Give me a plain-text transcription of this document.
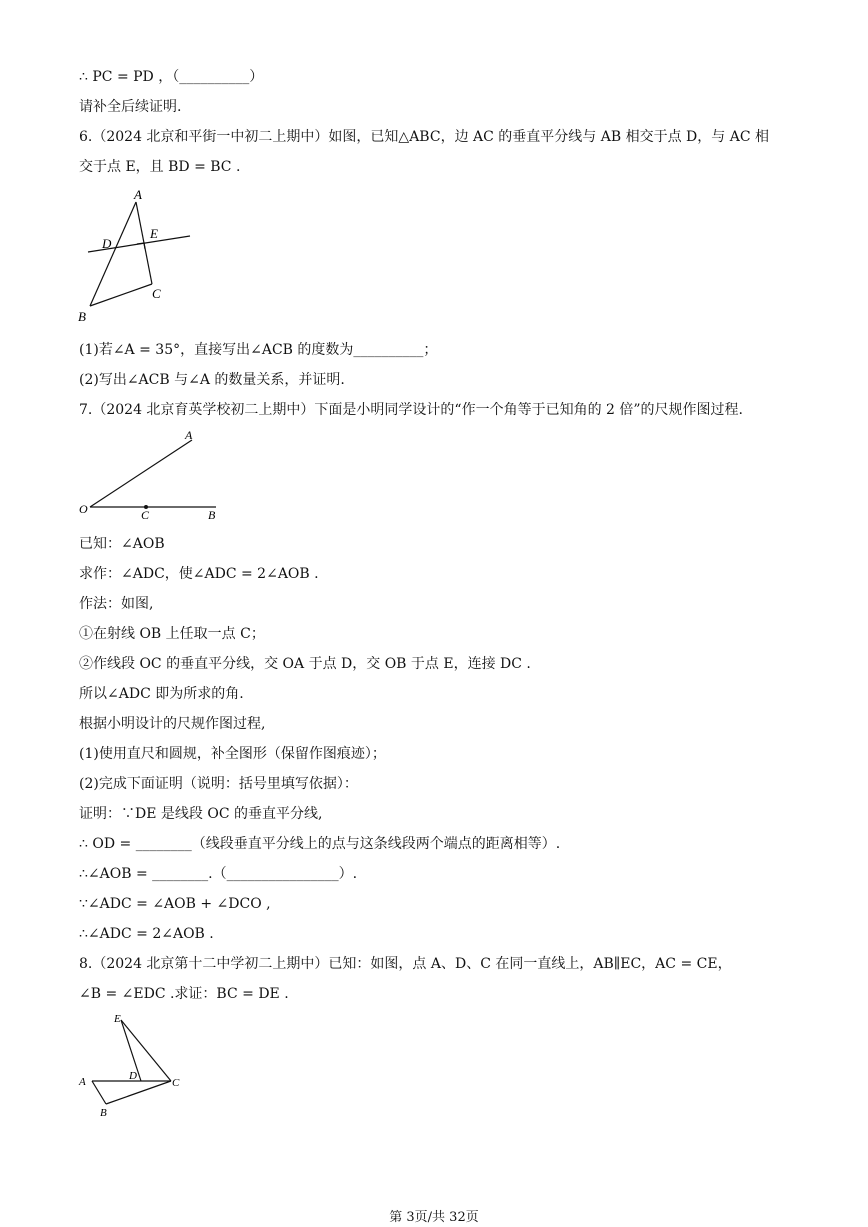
∴ PC = PD ，（__________）
请补全后续证明.
6.（2024 北京和平街一中初二上期中）如图，已知△ABC，边 AC 的垂直平分线与 AB 相交于点 D，与 AC 相
交于点 E，且 BD = BC .
A
D
E
C
B
(1)若∠A = 35°，直接写出∠ACB 的度数为__________；
(2)写出∠ACB 与∠A 的数量关系，并证明.
7.（2024 北京育英学校初二上期中）下面是小明同学设计的“作一个角等于已知角的 2 倍”的尺规作图过程.
A
O	C	B
已知：∠AOB
求作：∠ADC，使∠ADC = 2∠AOB .
作法：如图,
①在射线 OB 上任取一点 C；
②作线段 OC 的垂直平分线，交 OA 于点 D，交 OB 于点 E，连接 DC .
所以∠ADC 即为所求的角.
根据小明设计的尺规作图过程,
(1)使用直尺和圆规，补全图形（保留作图痕迹）；
(2)完成下面证明（说明：括号里填写依据）：
证明：∵DE 是线段 OC 的垂直平分线,
∴ OD = ________（线段垂直平分线上的点与这条线段两个端点的距离相等）.
∴∠AOB = ________.（________________）.
∵∠ADC = ∠AOB + ∠DCO ,
∴∠ADC = 2∠AOB .
8.（2024 北京第十二中学初二上期中）已知：如图，点 A、D、C 在同一直线上，AB∥EC，AC = CE，
∠B = ∠EDC .求证：BC = DE .
E
A	D
C
B
第 3页/共 32页
